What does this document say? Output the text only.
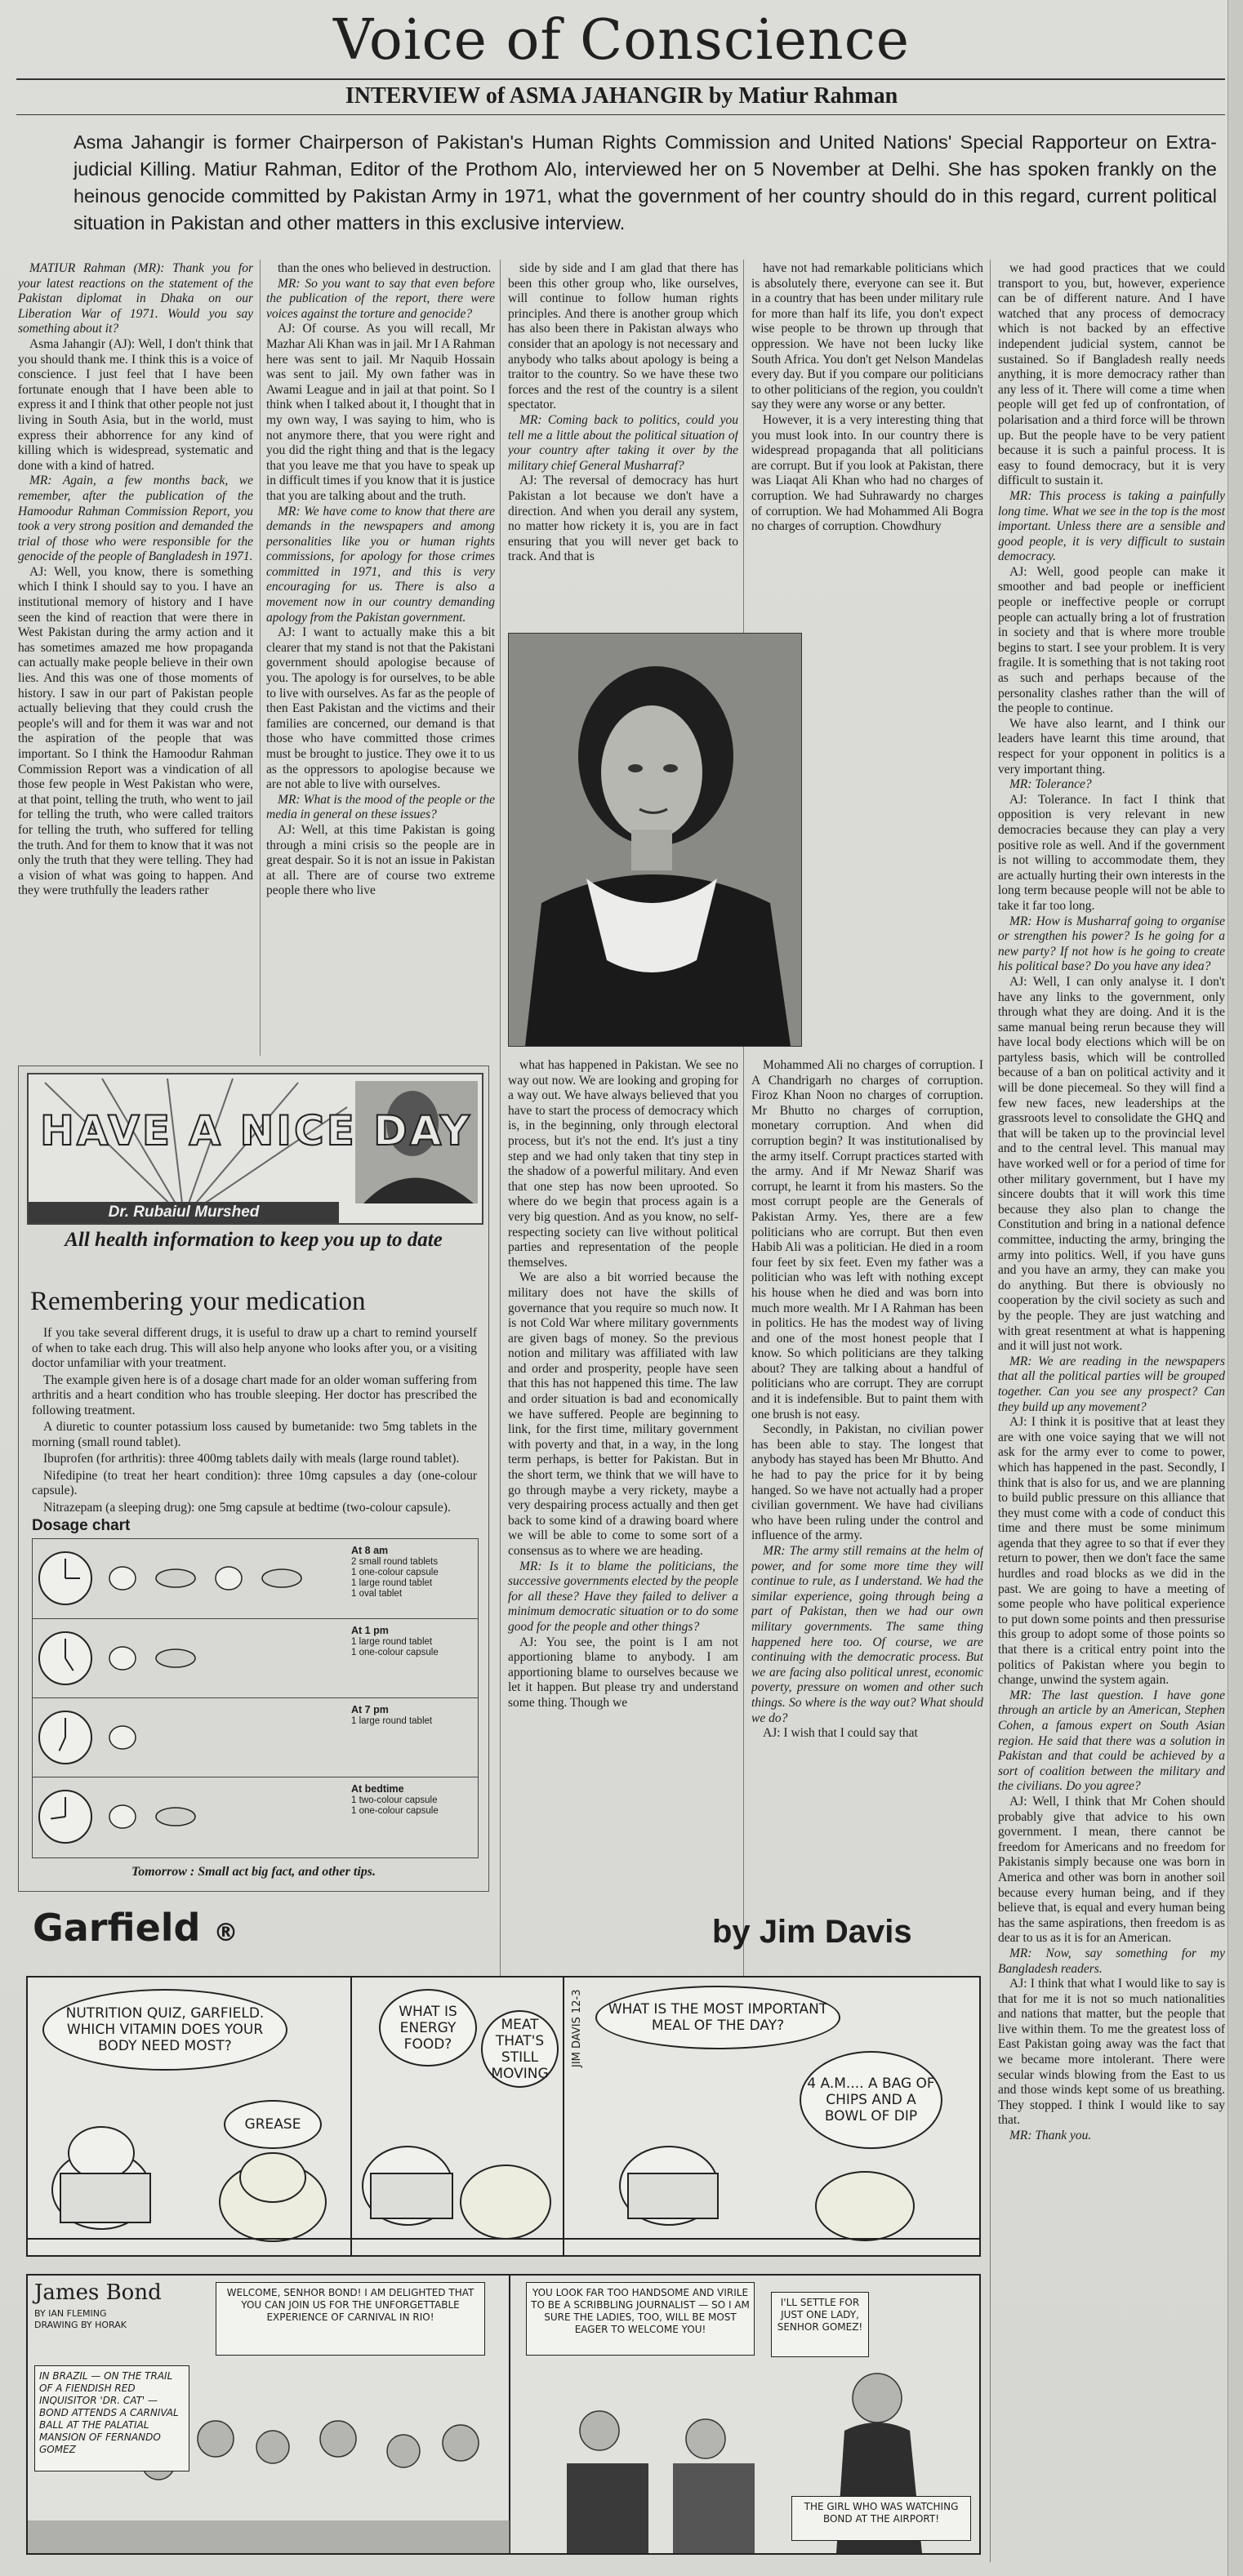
Voice of Conscience
INTERVIEW of ASMA JAHANGIR by Matiur Rahman
Asma Jahangir is former Chairperson of Pakistan's Human Rights Commission and United Nations' Special Rapporteur on Extra-judicial Killing. Matiur Rahman, Editor of the Prothom Alo, interviewed her on 5 November at Delhi. She has spoken frankly on the heinous genocide committed by Pakistan Army in 1971, what the government of her country should do in this regard, current political situation in Pakistan and other matters in this exclusive interview.

MATIUR Rahman (MR): Thank you for your latest reactions on the statement of the Pakistan diplomat in Dhaka on our Liberation War of 1971. Would you say something about it?

Asma Jahangir (AJ): Well, I don't think that you should thank me. I think this is a voice of conscience. I just feel that I have been fortunate enough that I have been able to express it and I think that other people not just living in South Asia, but in the world, must express their abhorrence for any kind of killing which is widespread, systematic and done with a kind of hatred.

MR: Again, a few months back, we remember, after the publication of the Hamoodur Rahman Commission Report, you took a very strong position and demanded the trial of those who were responsible for the genocide of the people of Bangladesh in 1971.

AJ: Well, you know, there is something which I think I should say to you. I have an institutional memory of history and I have seen the kind of reaction that were there in West Pakistan during the army action and it has sometimes amazed me how propaganda can actually make people believe in their own lies. And this was one of those moments of history. I saw in our part of Pakistan people actually believing that they could crush the people's will and for them it was war and not the aspiration of the people that was important. So I think the Hamoodur Rahman Commission Report was a vindication of all those few people in West Pakistan who were, at that point, telling the truth, who went to jail for telling the truth, who were called traitors for telling the truth, who suffered for telling the truth. And for them to know that it was not only the truth that they were telling. They had a vision of what was going to happen. And they were truthfully the leaders rather

than the ones who believed in destruction.

MR: So you want to say that even before the publication of the report, there were voices against the torture and genocide?

AJ: Of course. As you will recall, Mr Mazhar Ali Khan was in jail. Mr I A Rahman here was sent to jail. Mr Naquib Hossain was sent to jail. My own father was in Awami League and in jail at that point. So I think when I talked about it, I thought that in my own way, I was saying to him, who is not anymore there, that you were right and you did the right thing and that is the legacy that you leave me that you have to speak up in difficult times if you know that it is justice that you are talking about and the truth.

MR: We have come to know that there are demands in the newspapers and among personalities like you or human rights commissions, for apology for those crimes committed in 1971, and this is very encouraging for us. There is also a movement now in our country demanding apology from the Pakistan government.

AJ: I want to actually make this a bit clearer that my stand is not that the Pakistani government should apologise because of you. The apology is for ourselves, to be able to live with ourselves. As far as the people of then East Pakistan and the victims and their families are concerned, our demand is that those who have committed those crimes must be brought to justice. They owe it to us as the oppressors to apologise because we are not able to live with ourselves.

MR: What is the mood of the people or the media in general on these issues?

AJ: Well, at this time Pakistan is going through a mini crisis so the people are in great despair. So it is not an issue in Pakistan at all. There are of course two extreme people there who live

side by side and I am glad that there has been this other group who, like ourselves, will continue to follow human rights principles. And there is another group which has also been there in Pakistan always who consider that an apology is not necessary and anybody who talks about apology is being a traitor to the country. So we have these two forces and the rest of the country is a silent spectator.

MR: Coming back to politics, could you tell me a little about the political situation of your country after taking it over by the military chief General Musharraf?

AJ: The reversal of democracy has hurt Pakistan a lot because we don't have a direction. And when you derail any system, no matter how rickety it is, you are in fact ensuring that you will never get back to track. And that is

have not had remarkable politicians which is absolutely there, everyone can see it. But in a country that has been under military rule for more than half its life, you don't expect wise people to be thrown up through that oppression. We have not been lucky like South Africa. You don't get Nelson Mandelas every day. But if you compare our politicians to other politicians of the region, you couldn't say they were any worse or any better.

However, it is a very interesting thing that you must look into. In our country there is widespread propaganda that all politicians are corrupt. But if you look at Pakistan, there was Liaqat Ali Khan who had no charges of corruption. We had Suhrawardy no charges of corruption. We had Mohammed Ali Bogra no charges of corruption. Chowdhury

we had good practices that we could transport to you, but, however, experience can be of different nature. And I have watched that any process of democracy which is not backed by an effective independent judicial system, cannot be sustained. So if Bangladesh really needs anything, it is more democracy rather than any less of it. There will come a time when people will get fed up of confrontation, of polarisation and a third force will be thrown up. But the people have to be very patient because it is such a painful process. It is easy to found democracy, but it is very difficult to sustain it.

MR: This process is taking a painfully long time. What we see in the top is the most important. Unless there are a sensible and good people, it is very difficult to sustain democracy.

AJ: Well, good people can make it smoother and bad people or inefficient people or ineffective people or corrupt people can actually bring a lot of frustration in society and that is where more trouble begins to start. I see your problem. It is very fragile. It is something that is not taking root as such and perhaps because of the personality clashes rather than the will of the people to continue.

We have also learnt, and I think our leaders have learnt this time around, that respect for your opponent in politics is a very important thing.

MR: Tolerance?

AJ: Tolerance. In fact I think that opposition is very relevant in new democracies because they can play a very positive role as well. And if the government is not willing to accommodate them, they are actually hurting their own interests in the long term because people will not be able to take it far too long.

MR: How is Musharraf going to organise or strengthen his power? Is he going for a new party? If not how is he going to create his political base? Do you have any idea?

AJ: Well, I can only analyse it. I don't have any links to the government, only through what they are doing. And it is the same manual being rerun because they will have local body elections which will be on partyless basis, which will be controlled because of a ban on political activity and it will be done piecemeal. So they will find a few new faces, new leaderships at the grassroots level to consolidate the GHQ and that will be taken up to the provincial level and to the central level. This manual may have worked well or for a period of time for other military government, but I have my sincere doubts that it will work this time because they also plan to change the Constitution and bring in a national defence committee, inducting the army, bringing the army into politics. Well, if you have guns and you have an army, they can make you do anything. But there is obviously no cooperation by the civil society as such and by the people. They are just watching and with great resentment at what is happening and it will just not work.

MR: We are reading in the newspapers that all the political parties will be grouped together. Can you see any prospect? Can they build up any movement?

AJ: I think it is positive that at least they are with one voice saying that we will not ask for the army ever to come to power, which has happened in the past. Secondly, I think that is also for us, and we are planning to build public pressure on this alliance that they must come with a code of conduct this time and there must be some minimum agenda that they agree to so that if ever they return to power, then we don't face the same hurdles and road blocks as we did in the past. We are going to have a meeting of some people who have political experience to put down some points and then pressurise this group to adopt some of those points so that there is a critical entry point into the politics of Pakistan where you begin to change, unwind the system again.

MR: The last question. I have gone through an article by an American, Stephen Cohen, a famous expert on South Asian region. He said that there was a solution in Pakistan and that could be achieved by a sort of coalition between the military and the civilians. Do you agree?

AJ: Well, I think that Mr Cohen should probably give that advice to his own government. I mean, there cannot be freedom for Americans and no freedom for Pakistanis simply because one was born in America and other was born in another soil because every human being, and if they believe that, is equal and every human being has the same aspirations, then freedom is as dear to us as it is for an American.

MR: Now, say something for my Bangladesh readers.

AJ: I think that what I would like to say is that for me it is not so much nationalities and nations that matter, but the people that live within them. To me the greatest loss of East Pakistan going away was the fact that we became more intolerant. There were secular winds blowing from the East to us and those winds kept some of us breathing. They stopped. I think I would like to say that.

MR: Thank you.

what has happened in Pakistan. We see no way out now. We are looking and groping for a way out. We have always believed that you have to start the process of democracy which is, in the beginning, only through electoral process, but it's not the end. It's just a tiny step and we had only taken that tiny step in the shadow of a powerful military. And even that one step has now been uprooted. So where do we begin that process again is a very big question. And as you know, no self-respecting society can live without political parties and representation of the people themselves.

We are also a bit worried because the military does not have the skills of governance that you require so much now. It is not Cold War where military governments are given bags of money. So the previous notion and military was affiliated with law and order and prosperity, people have seen that this has not happened this time. The law and order situation is bad and economically we have suffered. People are beginning to link, for the first time, military government with poverty and that, in a way, in the long term perhaps, is better for Pakistan. But in the short term, we think that we will have to go through maybe a very rickety, maybe a very despairing process actually and then get back to some kind of a drawing board where we will be able to come to some sort of a consensus as to where we are heading.

MR: Is it to blame the politicians, the successive governments elected by the people for all these? Have they failed to deliver a minimum democratic situation or to do some good for the people and other things?

AJ: You see, the point is I am not apportioning blame to anybody. I am apportioning blame to ourselves because we let it happen. But please try and understand some thing. Though we

Mohammed Ali no charges of corruption. I A Chandrigarh no charges of corruption. Firoz Khan Noon no charges of corruption. Mr Bhutto no charges of corruption, monetary corruption. And when did corruption begin? It was institutionalised by the army itself. Corrupt practices started with the army. And if Mr Newaz Sharif was corrupt, he learnt it from his masters. So the most corrupt people are the Generals of Pakistan Army. Yes, there are a few politicians who are corrupt. But then even Habib Ali was a politician. He died in a room four feet by six feet. Even my father was a politician who was left with nothing except his house when he died and was born into much more wealth. Mr I A Rahman has been in politics. He has the modest way of living and one of the most honest people that I know. So which politicians are they talking about? They are talking about a handful of politicians who are corrupt. They are corrupt and it is indefensible. But to paint them with one brush is not easy.

Secondly, in Pakistan, no civilian power has been able to stay. The longest that anybody has stayed has been Mr Bhutto. And he had to pay the price for it by being hanged. So we have not actually had a proper civilian government. We have had civilians who have been ruling under the control and influence of the army.

MR: The army still remains at the helm of power, and for some more time they will continue to rule, as I understand. We had the similar experience, going through being a part of Pakistan, then we had our own military governments. The same thing happened here too. Of course, we are continuing with the democratic process. But we are facing also political unrest, economic poverty, pressure on women and other such things. So where is the way out? What should we do?

AJ: I wish that I could say that

HAVE A NICE DAY
Dr. Rubaiul Murshed
All health information to keep you up to date
Remembering your medication

If you take several different drugs, it is useful to draw up a chart to remind yourself of when to take each drug. This will also help anyone who looks after you, or a visiting doctor unfamiliar with your treatment.

The example given here is of a dosage chart made for an older woman suffering from arthritis and a heart condition who has trouble sleeping. Her doctor has prescribed the following treatment.

A diuretic to counter potassium loss caused by bumetanide: two 5mg tablets in the morning (small round tablet).

Ibuprofen (for arthritis): three 400mg tablets daily with meals (large round tablet).

Nifedipine (to treat her heart condition): three 10mg capsules a day (one-colour capsule).

Nitrazepam (a sleeping drug): one 5mg capsule at bedtime (two-colour capsule).

Dosage chart
At 8 am
2 small round tablets
1 one-colour capsule
1 large round tablet
1 oval tablet
At 1 pm
1 large round tablet
1 one-colour capsule
At 7 pm
1 large round tablet
At bedtime
1 two-colour capsule
1 one-colour capsule
Tomorrow : Small act big fact, and other tips.
Garfield ®	by Jim Davis
NUTRITION QUIZ, GARFIELD. WHICH VITAMIN DOES YOUR BODY NEED MOST?
GREASE
WHAT IS ENERGY FOOD?
MEAT THAT'S STILL MOVING
WHAT IS THE MOST IMPORTANT MEAL OF THE DAY?
4 A.M.... A BAG OF CHIPS AND A BOWL OF DIP
JIM DAVIS 12-3
James Bond
BY IAN FLEMING
DRAWING BY HORAK
IN BRAZIL — ON THE TRAIL OF A FIENDISH RED INQUISITOR 'DR. CAT' — BOND ATTENDS A CARNIVAL BALL AT THE PALATIAL MANSION OF FERNANDO GOMEZ
WELCOME, SENHOR BOND! I AM DELIGHTED THAT YOU CAN JOIN US FOR THE UNFORGETTABLE EXPERIENCE OF CARNIVAL IN RIO!
YOU LOOK FAR TOO HANDSOME AND VIRILE TO BE A SCRIBBLING JOURNALIST — SO I AM SURE THE LADIES, TOO, WILL BE MOST EAGER TO WELCOME YOU!
I'LL SETTLE FOR JUST ONE LADY, SENHOR GOMEZ!
THE GIRL WHO WAS WATCHING BOND AT THE AIRPORT!
